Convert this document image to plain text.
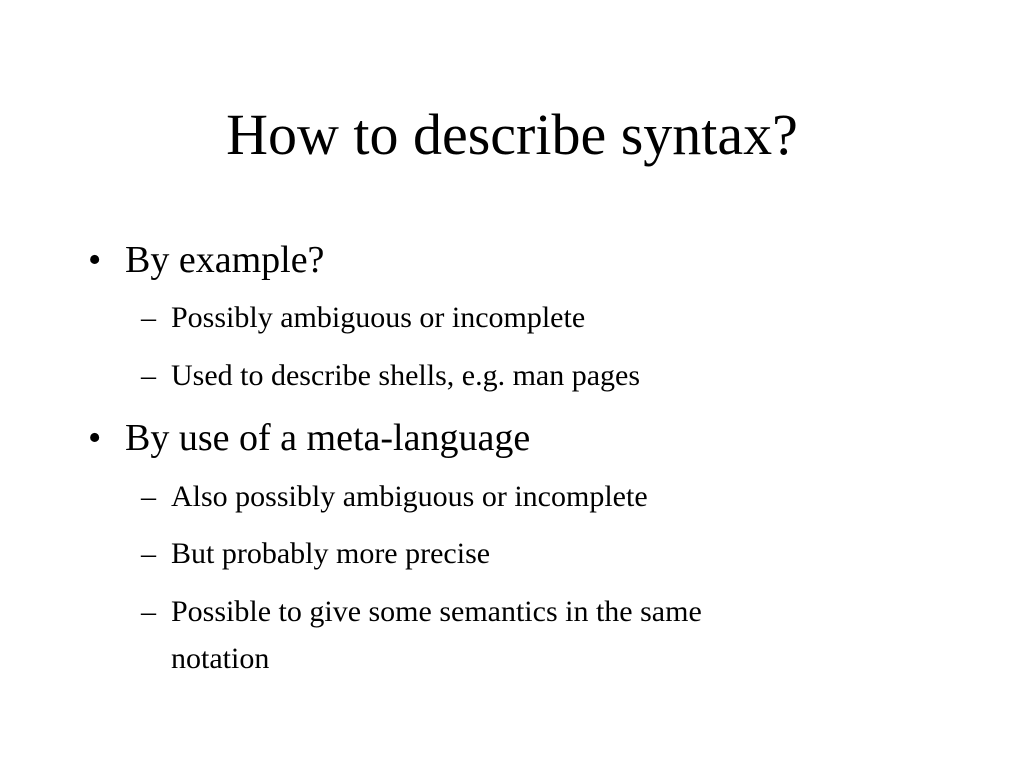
How to describe syntax?
• By example?
– Possibly ambiguous or incomplete
– Used to describe shells, e.g. man pages
• By use of a meta-language
– Also possibly ambiguous or incomplete
– But probably more precise
– Possible to give some semantics in the same
notation
